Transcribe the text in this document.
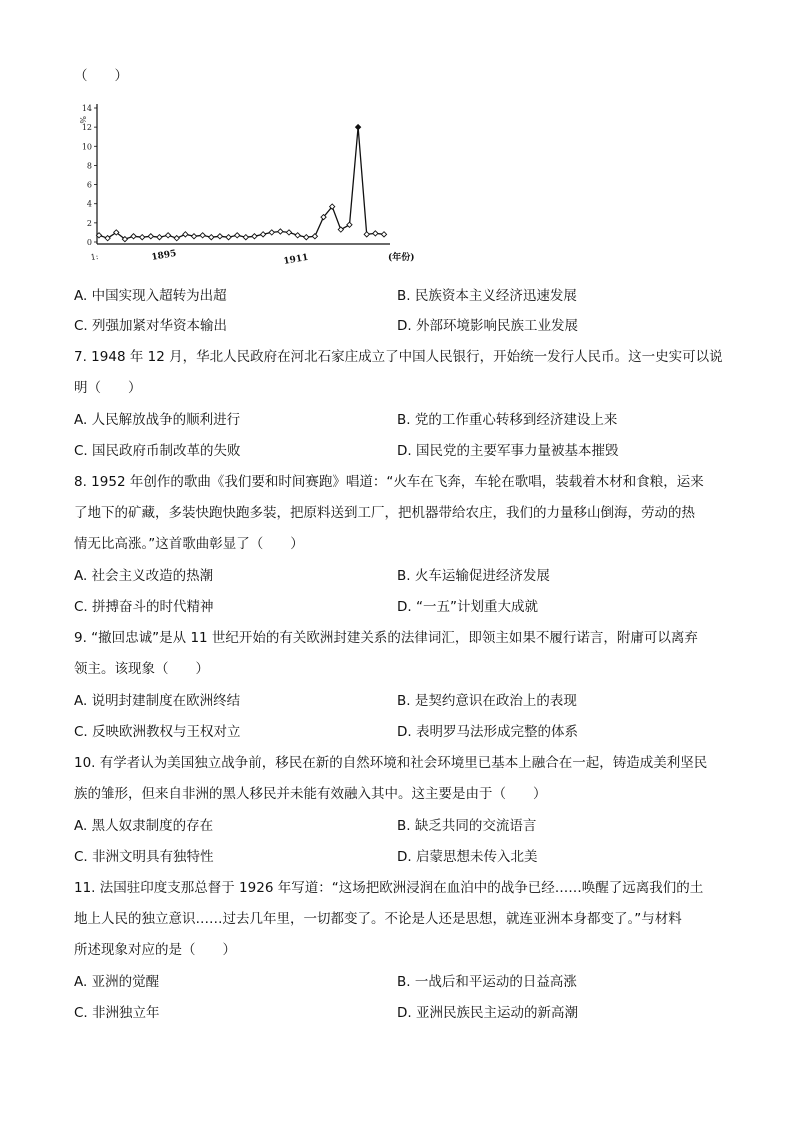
（　　）
14
12
10
8
6
4
2
0
%
1:	1895	1911	(年份)
A. 中国实现入超转为出超	B. 民族资本主义经济迅速发展
C. 列强加紧对华资本输出	D. 外部环境影响民族工业发展
7. 1948 年 12 月，华北人民政府在河北石家庄成立了中国人民银行，开始统一发行人民币。这一史实可以说
明（　　）
A. 人民解放战争的顺利进行	B. 党的工作重心转移到经济建设上来
C. 国民政府币制改革的失败	D. 国民党的主要军事力量被基本摧毁
8. 1952 年创作的歌曲《我们要和时间赛跑》唱道：“火车在飞奔，车轮在歌唱，装载着木材和食粮，运来
了地下的矿藏，多装快跑快跑多装，把原料送到工厂，把机器带给农庄，我们的力量移山倒海，劳动的热
情无比高涨。”这首歌曲彰显了（　　）
A. 社会主义改造的热潮	B. 火车运输促进经济发展
C. 拼搏奋斗的时代精神	D. “一五”计划重大成就
9. “撤回忠诚”是从 11 世纪开始的有关欧洲封建关系的法律词汇，即领主如果不履行诺言，附庸可以离弃
领主。该现象（　　）
A. 说明封建制度在欧洲终结	B. 是契约意识在政治上的表现
C. 反映欧洲教权与王权对立	D. 表明罗马法形成完整的体系
10. 有学者认为美国独立战争前，移民在新的自然环境和社会环境里已基本上融合在一起，铸造成美利坚民
族的雏形，但来自非洲的黑人移民并未能有效融入其中。这主要是由于（　　）
A. 黑人奴隶制度的存在	B. 缺乏共同的交流语言
C. 非洲文明具有独特性	D. 启蒙思想未传入北美
11. 法国驻印度支那总督于 1926 年写道：“这场把欧洲浸润在血泊中的战争已经……唤醒了远离我们的土
地上人民的独立意识……过去几年里，一切都变了。不论是人还是思想，就连亚洲本身都变了。”与材料
所述现象对应的是（　　）
A. 亚洲的觉醒	B. 一战后和平运动的日益高涨
C. 非洲独立年	D. 亚洲民族民主运动的新高潮
